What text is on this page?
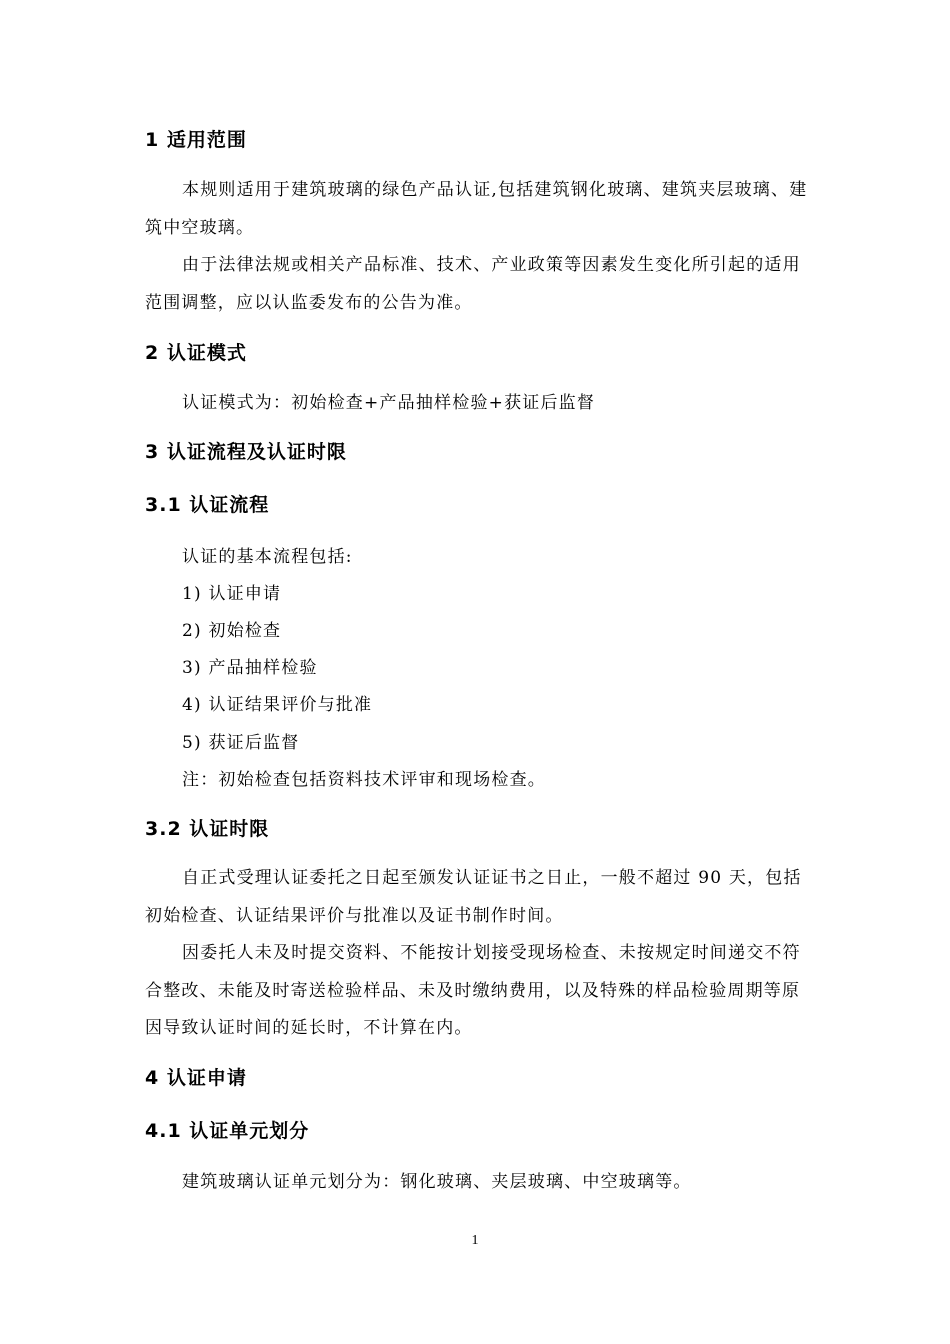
1 适用范围
本规则适用于建筑玻璃的绿色产品认证,包括建筑钢化玻璃、建筑夹层玻璃、建筑中空玻璃。
由于法律法规或相关产品标准、技术、产业政策等因素发生变化所引起的适用范围调整，应以认监委发布的公告为准。
2 认证模式
认证模式为：初始检查+产品抽样检验+获证后监督
3 认证流程及认证时限
3.1 认证流程
认证的基本流程包括:
1) 认证申请
2) 初始检查
3) 产品抽样检验
4) 认证结果评价与批准
5) 获证后监督
注：初始检查包括资料技术评审和现场检查。
3.2 认证时限
自正式受理认证委托之日起至颁发认证证书之日止，一般不超过 90 天，包括初始检查、认证结果评价与批准以及证书制作时间。
因委托人未及时提交资料、不能按计划接受现场检查、未按规定时间递交不符合整改、未能及时寄送检验样品、未及时缴纳费用，以及特殊的样品检验周期等原因导致认证时间的延长时，不计算在内。
4 认证申请
4.1 认证单元划分
建筑玻璃认证单元划分为：钢化玻璃、夹层玻璃、中空玻璃等。
1
